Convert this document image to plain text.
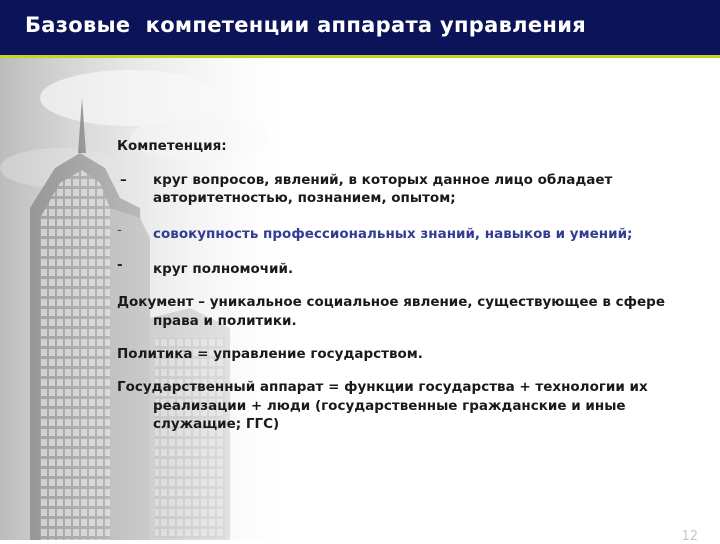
Базовые  компетенции аппарата управления
Компетенция:
– круг вопросов, явлений, в которых данное лицо обладает
авторитетностью, познанием, опытом;
- совокупность профессиональных знаний, навыков и умений;
- круг полномочий.
Документ – уникальное социальное явление, существующее в сфере
права и политики.
Политика = управление государством.
Государственный аппарат = функции государства + технологии их
реализации + люди (государственные гражданские и иные
служащие; ГГС)
12
